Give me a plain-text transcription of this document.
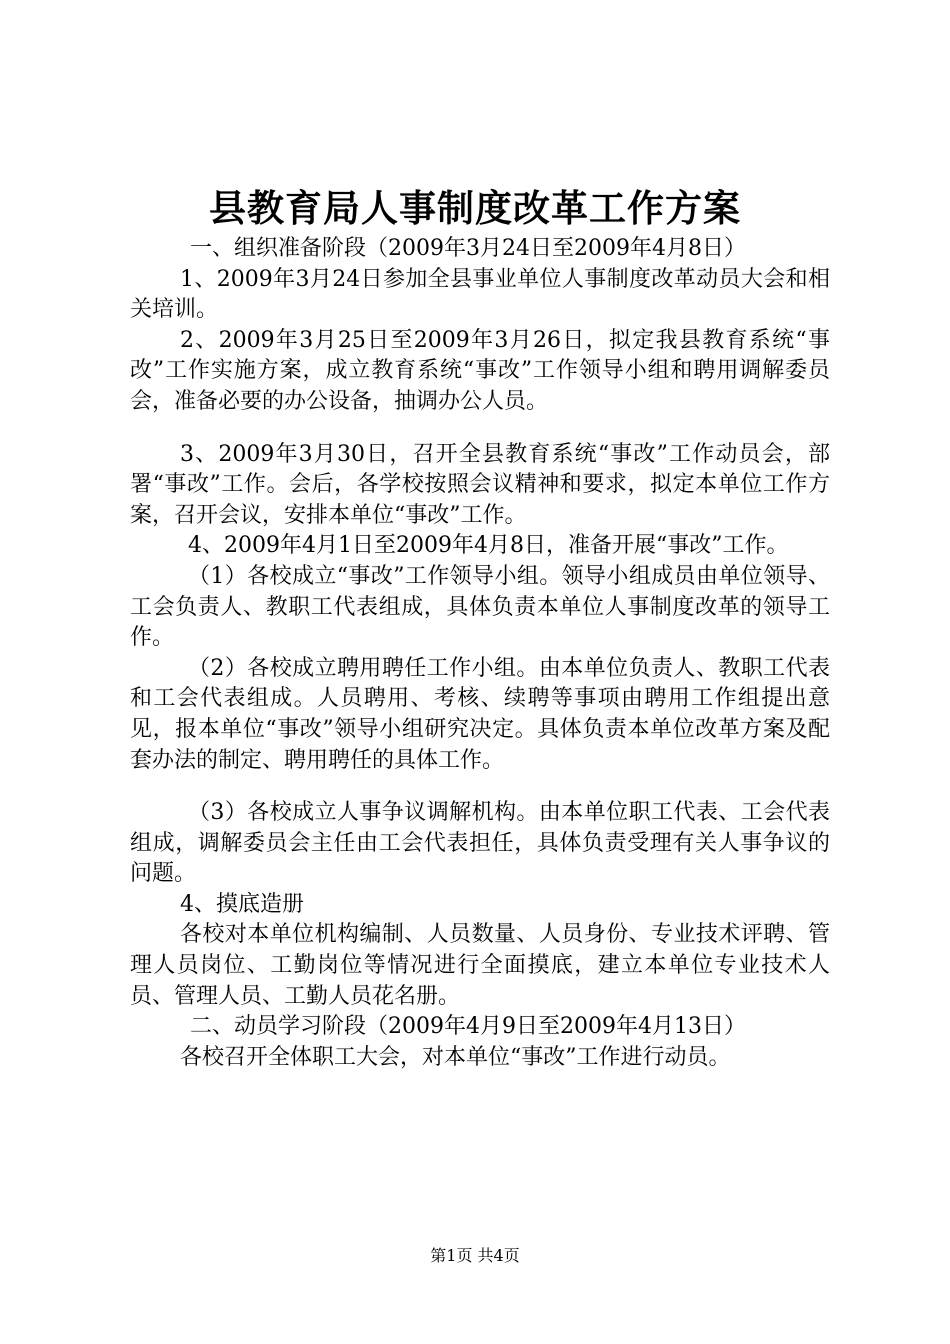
县教育局人事制度改革工作方案

一、组织准备阶段（2009年3月24日至2009年4月8日）

1、2009年3月24日参加全县事业单位人事制度改革动员大会和相关培训。

2、2009年3月25日至2009年3月26日，拟定我县教育系统“事改”工作实施方案，成立教育系统“事改”工作领导小组和聘用调解委员会，准备必要的办公设备，抽调办公人员。

3、2009年3月30日，召开全县教育系统“事改”工作动员会，部署“事改”工作。会后，各学校按照会议精神和要求，拟定本单位工作方案，召开会议，安排本单位“事改”工作。

4、2009年4月1日至2009年4月8日，准备开展“事改”工作。

（1）各校成立“事改”工作领导小组。领导小组成员由单位领导、工会负责人、教职工代表组成，具体负责本单位人事制度改革的领导工作。

（2）各校成立聘用聘任工作小组。由本单位负责人、教职工代表和工会代表组成。人员聘用、考核、续聘等事项由聘用工作组提出意见，报本单位“事改”领导小组研究决定。具体负责本单位改革方案及配套办法的制定、聘用聘任的具体工作。

（3）各校成立人事争议调解机构。由本单位职工代表、工会代表组成，调解委员会主任由工会代表担任，具体负责受理有关人事争议的问题。

4、摸底造册

各校对本单位机构编制、人员数量、人员身份、专业技术评聘、管理人员岗位、工勤岗位等情况进行全面摸底，建立本单位专业技术人员、管理人员、工勤人员花名册。

二、动员学习阶段（2009年4月9日至2009年4月13日）

各校召开全体职工大会，对本单位“事改”工作进行动员。

第1页 共4页
